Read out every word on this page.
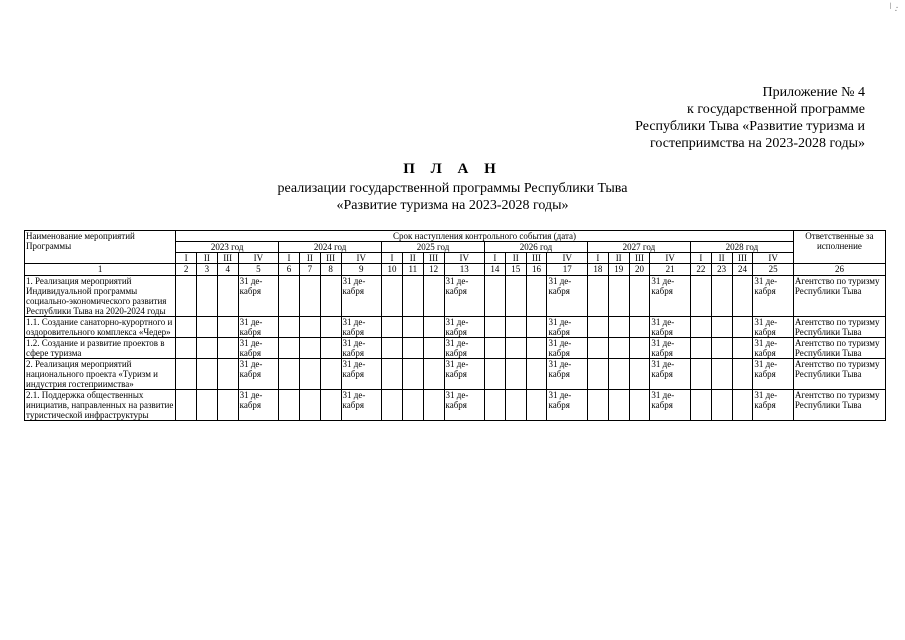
\ :
Приложение № 4
к государственной программе
Республики Тыва «Развитие туризма и
гостеприимства на 2023-2028 годы»
П Л А Н
реализации государственной программы Республики Тыва
«Развитие туризма на 2023-2028 годы»
Наименование мероприятий Программы	Срок наступления контрольного события (дата)																								Ответственные за исполнение
	2023 год				2024 год				2025 год				2026 год				2027 год				2028 год				
	I	II	III	IV	I	II	III	IV	I	II	III	IV	I	II	III	IV	I	II	III	IV	I	II	III	IV	
1	2	3	4	5	6	7	8	9	10	11	12	13	14	15	16	17	18	19	20	21	22	23	24	25	26
1. Реализация мероприятий Индивидуальной программы социально-экономического развития Республики Тыва на 2020-2024 годы				31 де-кабря				31 де-кабря				31 де-кабря				31 де-кабря				31 де-кабря				31 де-кабря	Агентство по туризму Республики Тыва
1.1. Создание санаторно-курортного и оздоровительного комплекса «Чедер»				31 де-кабря				31 де-кабря				31 де-кабря				31 де-кабря				31 де-кабря				31 де-кабря	Агентство по туризму Республики Тыва
1.2. Создание и развитие проектов в сфере туризма				31 де-кабря				31 де-кабря				31 де-кабря				31 де-кабря				31 де-кабря				31 де-кабря	Агентство по туризму Республики Тыва
2. Реализация мероприятий национального проекта «Туризм и индустрия гостеприимства»				31 де-кабря				31 де-кабря				31 де-кабря				31 де-кабря				31 де-кабря				31 де-кабря	Агентство по туризму Республики Тыва
2.1. Поддержка общественных инициатив, направленных на развитие туристической инфраструктуры				31 де-кабря				31 де-кабря				31 де-кабря				31 де-кабря				31 де-кабря				31 де-кабря	Агентство по туризму Республики Тыва
